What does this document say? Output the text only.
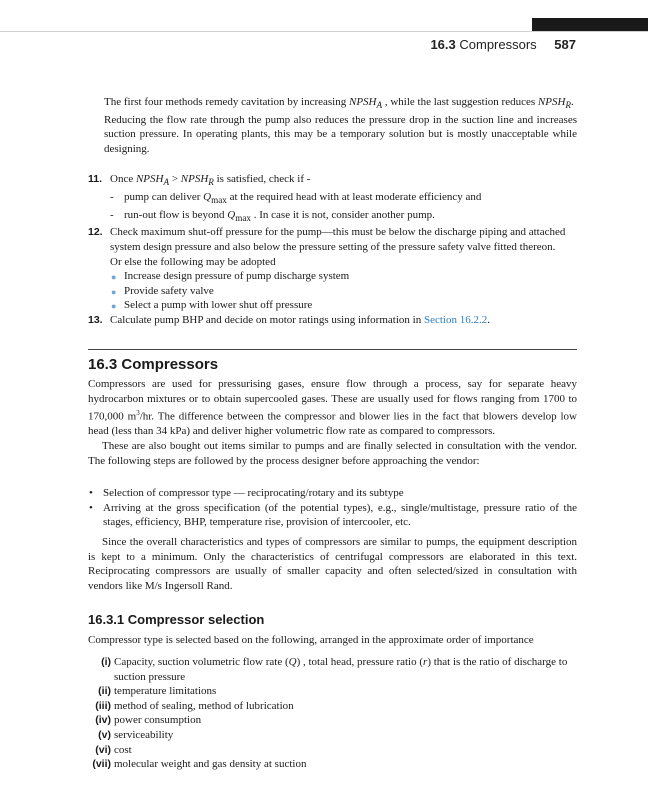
16.3 Compressors 587

The first four methods remedy cavitation by increasing $NPSH_A$ , while the last suggestion reduces $NPSH_R$.

Reducing the flow rate through the pump also reduces the pressure drop in the suction line and increases suction pressure. In operating plants, this may be a temporary solution but is mostly unacceptable while designing.

11. Once $NPSH_A$ > $NPSH_R$ is satisfied, check if -
- pump can deliver $Q_{max}$ at the required head with at least moderate efficiency and
- run-out flow is beyond $Q_{max}$ . In case it is not, consider another pump.
12. Check maximum shut-off pressure for the pump—this must be below the discharge piping and attached system design pressure and also below the pressure setting of the pressure safety valve fitted thereon.
Or else the following may be adopted
● Increase design pressure of pump discharge system
● Provide safety valve
● Select a pump with lower shut off pressure
13. Calculate pump BHP and decide on motor ratings using information in Section 16.2.2.
16.3 Compressors

Compressors are used for pressurising gases, ensure flow through a process, say for separate heavy hydrocarbon mixtures or to obtain supercooled gases. These are usually used for flows ranging from 1700 to 170,000 $m^3/hr$. The difference between the compressor and blower lies in the fact that blowers develop low head (less than 34 kPa) and deliver higher volumetric flow rate as compared to compressors.

These are also bought out items similar to pumps and are finally selected in consultation with the vendor. The following steps are followed by the process designer before approaching the vendor:

• Selection of compressor type — reciprocating/rotary and its subtype
• Arriving at the gross specification (of the potential types), e.g., single/multistage, pressure ratio of the stages, efficiency, BHP, temperature rise, provision of intercooler, etc.

Since the overall characteristics and types of compressors are similar to pumps, the equipment description is kept to a minimum. Only the characteristics of centrifugal compressors are elaborated in this text. Reciprocating compressors are usually of smaller capacity and often selected/sized in consultation with vendors like M/s Ingersoll Rand.

16.3.1 Compressor selection

Compressor type is selected based on the following, arranged in the approximate order of importance

(i) Capacity, suction volumetric flow rate (Q) , total head, pressure ratio (r) that is the ratio of discharge to suction pressure
(ii) temperature limitations
(iii) method of sealing, method of lubrication
(iv) power consumption
(v) serviceability
(vi) cost
(vii) molecular weight and gas density at suction
